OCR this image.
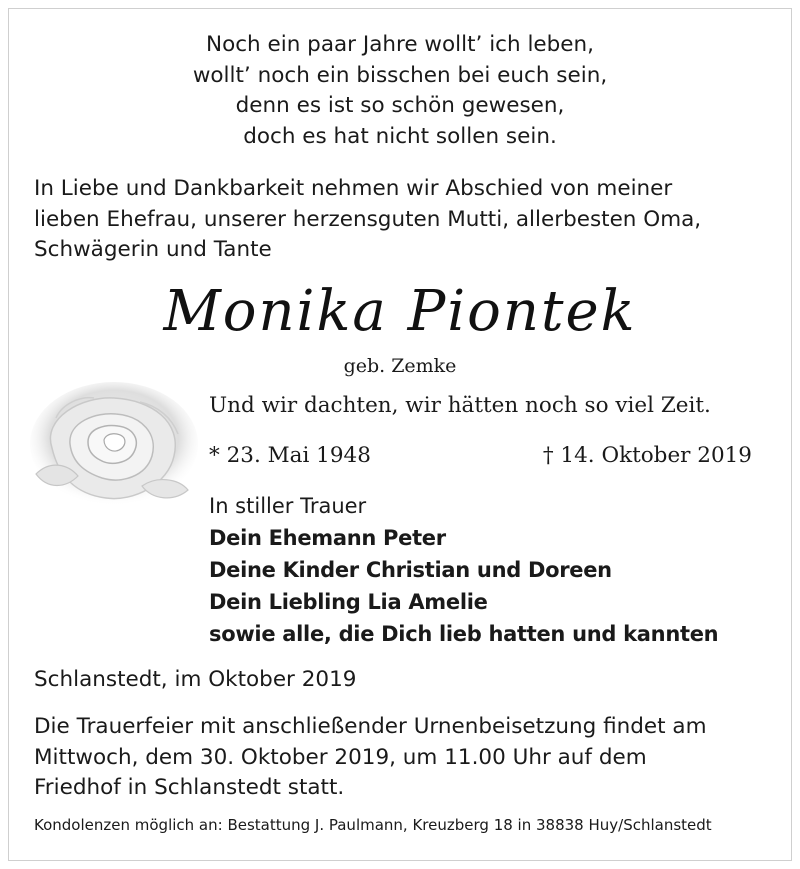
Noch ein paar Jahre wollt’ ich leben,
wollt’ noch ein bisschen bei euch sein,
denn es ist so schön gewesen,
doch es hat nicht sollen sein.
In Liebe und Dankbarkeit nehmen wir Abschied von meiner
lieben Ehefrau, unserer herzensguten Mutti, allerbesten Oma,
Schwägerin und Tante
Monika Piontek
geb. Zemke
Und wir dachten, wir hätten noch so viel Zeit.
* 23. Mai 1948	† 14. Oktober 2019
In stiller Trauer
Dein Ehemann Peter
Deine Kinder Christian und Doreen
Dein Liebling Lia Amelie
sowie alle, die Dich lieb hatten und kannten
Schlanstedt, im Oktober 2019
Die Trauerfeier mit anschließender Urnenbeisetzung findet am
Mittwoch, dem 30. Oktober 2019, um 11.00 Uhr auf dem
Friedhof in Schlanstedt statt.
Kondolenzen möglich an: Bestattung J. Paulmann, Kreuzberg 18 in 38838 Huy/Schlanstedt
